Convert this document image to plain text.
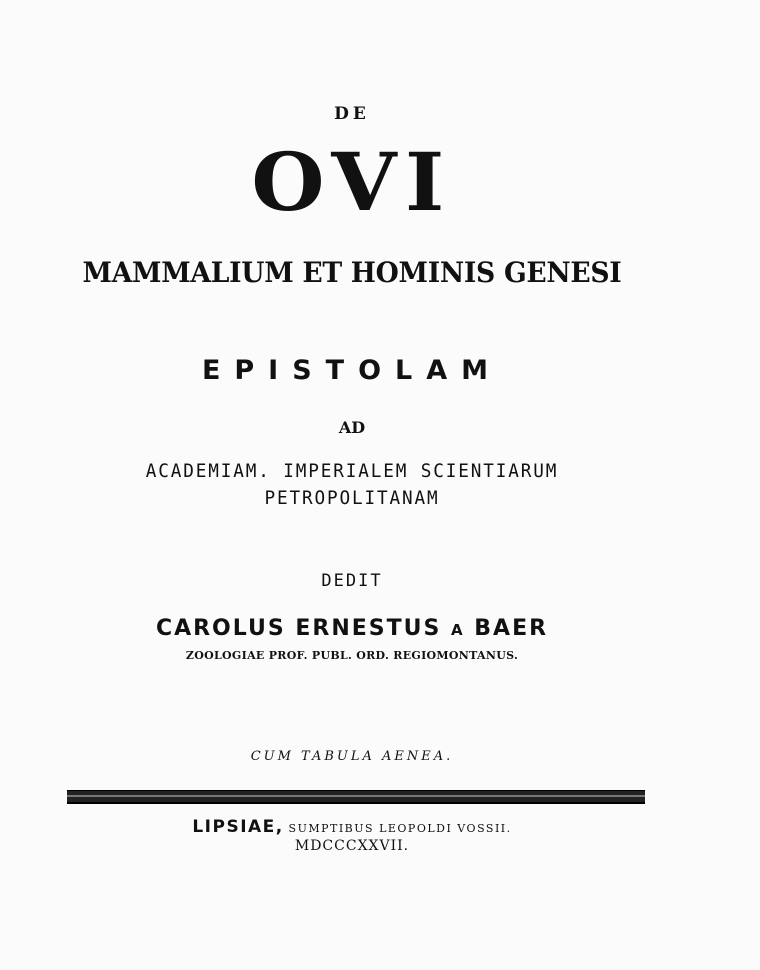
DE
OVI
MAMMALIUM ET HOMINIS GENESI
EPISTOLAM
AD
ACADEMIAM. IMPERIALEM SCIENTIARUM
PETROPOLITANAM
DEDIT
CAROLUS ERNESTUS A BAER
ZOOLOGIAE PROF. PUBL. ORD. REGIOMONTANUS.
CUM TABULA AENEA.
LIPSIAE, SUMPTIBUS LEOPOLDI VOSSII.
MDCCCXXVII.
